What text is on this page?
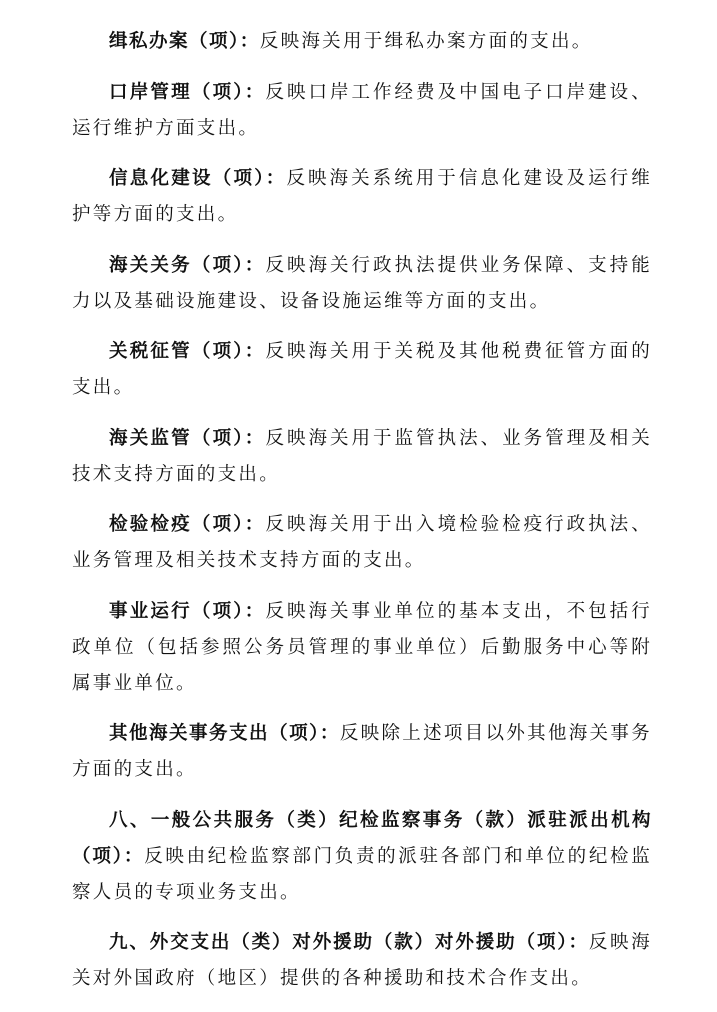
缉私办案（项）：反映海关用于缉私办案方面的支出。

口岸管理（项）：反映口岸工作经费及中国电子口岸建设、运行维护方面支出。

信息化建设（项）：反映海关系统用于信息化建设及运行维护等方面的支出。

海关关务（项）：反映海关行政执法提供业务保障、支持能力以及基础设施建设、设备设施运维等方面的支出。

关税征管（项）：反映海关用于关税及其他税费征管方面的支出。

海关监管（项）：反映海关用于监管执法、业务管理及相关技术支持方面的支出。

检验检疫（项）：反映海关用于出入境检验检疫行政执法、业务管理及相关技术支持方面的支出。

事业运行（项）：反映海关事业单位的基本支出，不包括行政单位（包括参照公务员管理的事业单位）后勤服务中心等附属事业单位。

其他海关事务支出（项）：反映除上述项目以外其他海关事务方面的支出。

八、一般公共服务（类）纪检监察事务（款）派驻派出机构（项）：反映由纪检监察部门负责的派驻各部门和单位的纪检监察人员的专项业务支出。

九、外交支出（类）对外援助（款）对外援助（项）：反映海关对外国政府（地区）提供的各种援助和技术合作支出。
